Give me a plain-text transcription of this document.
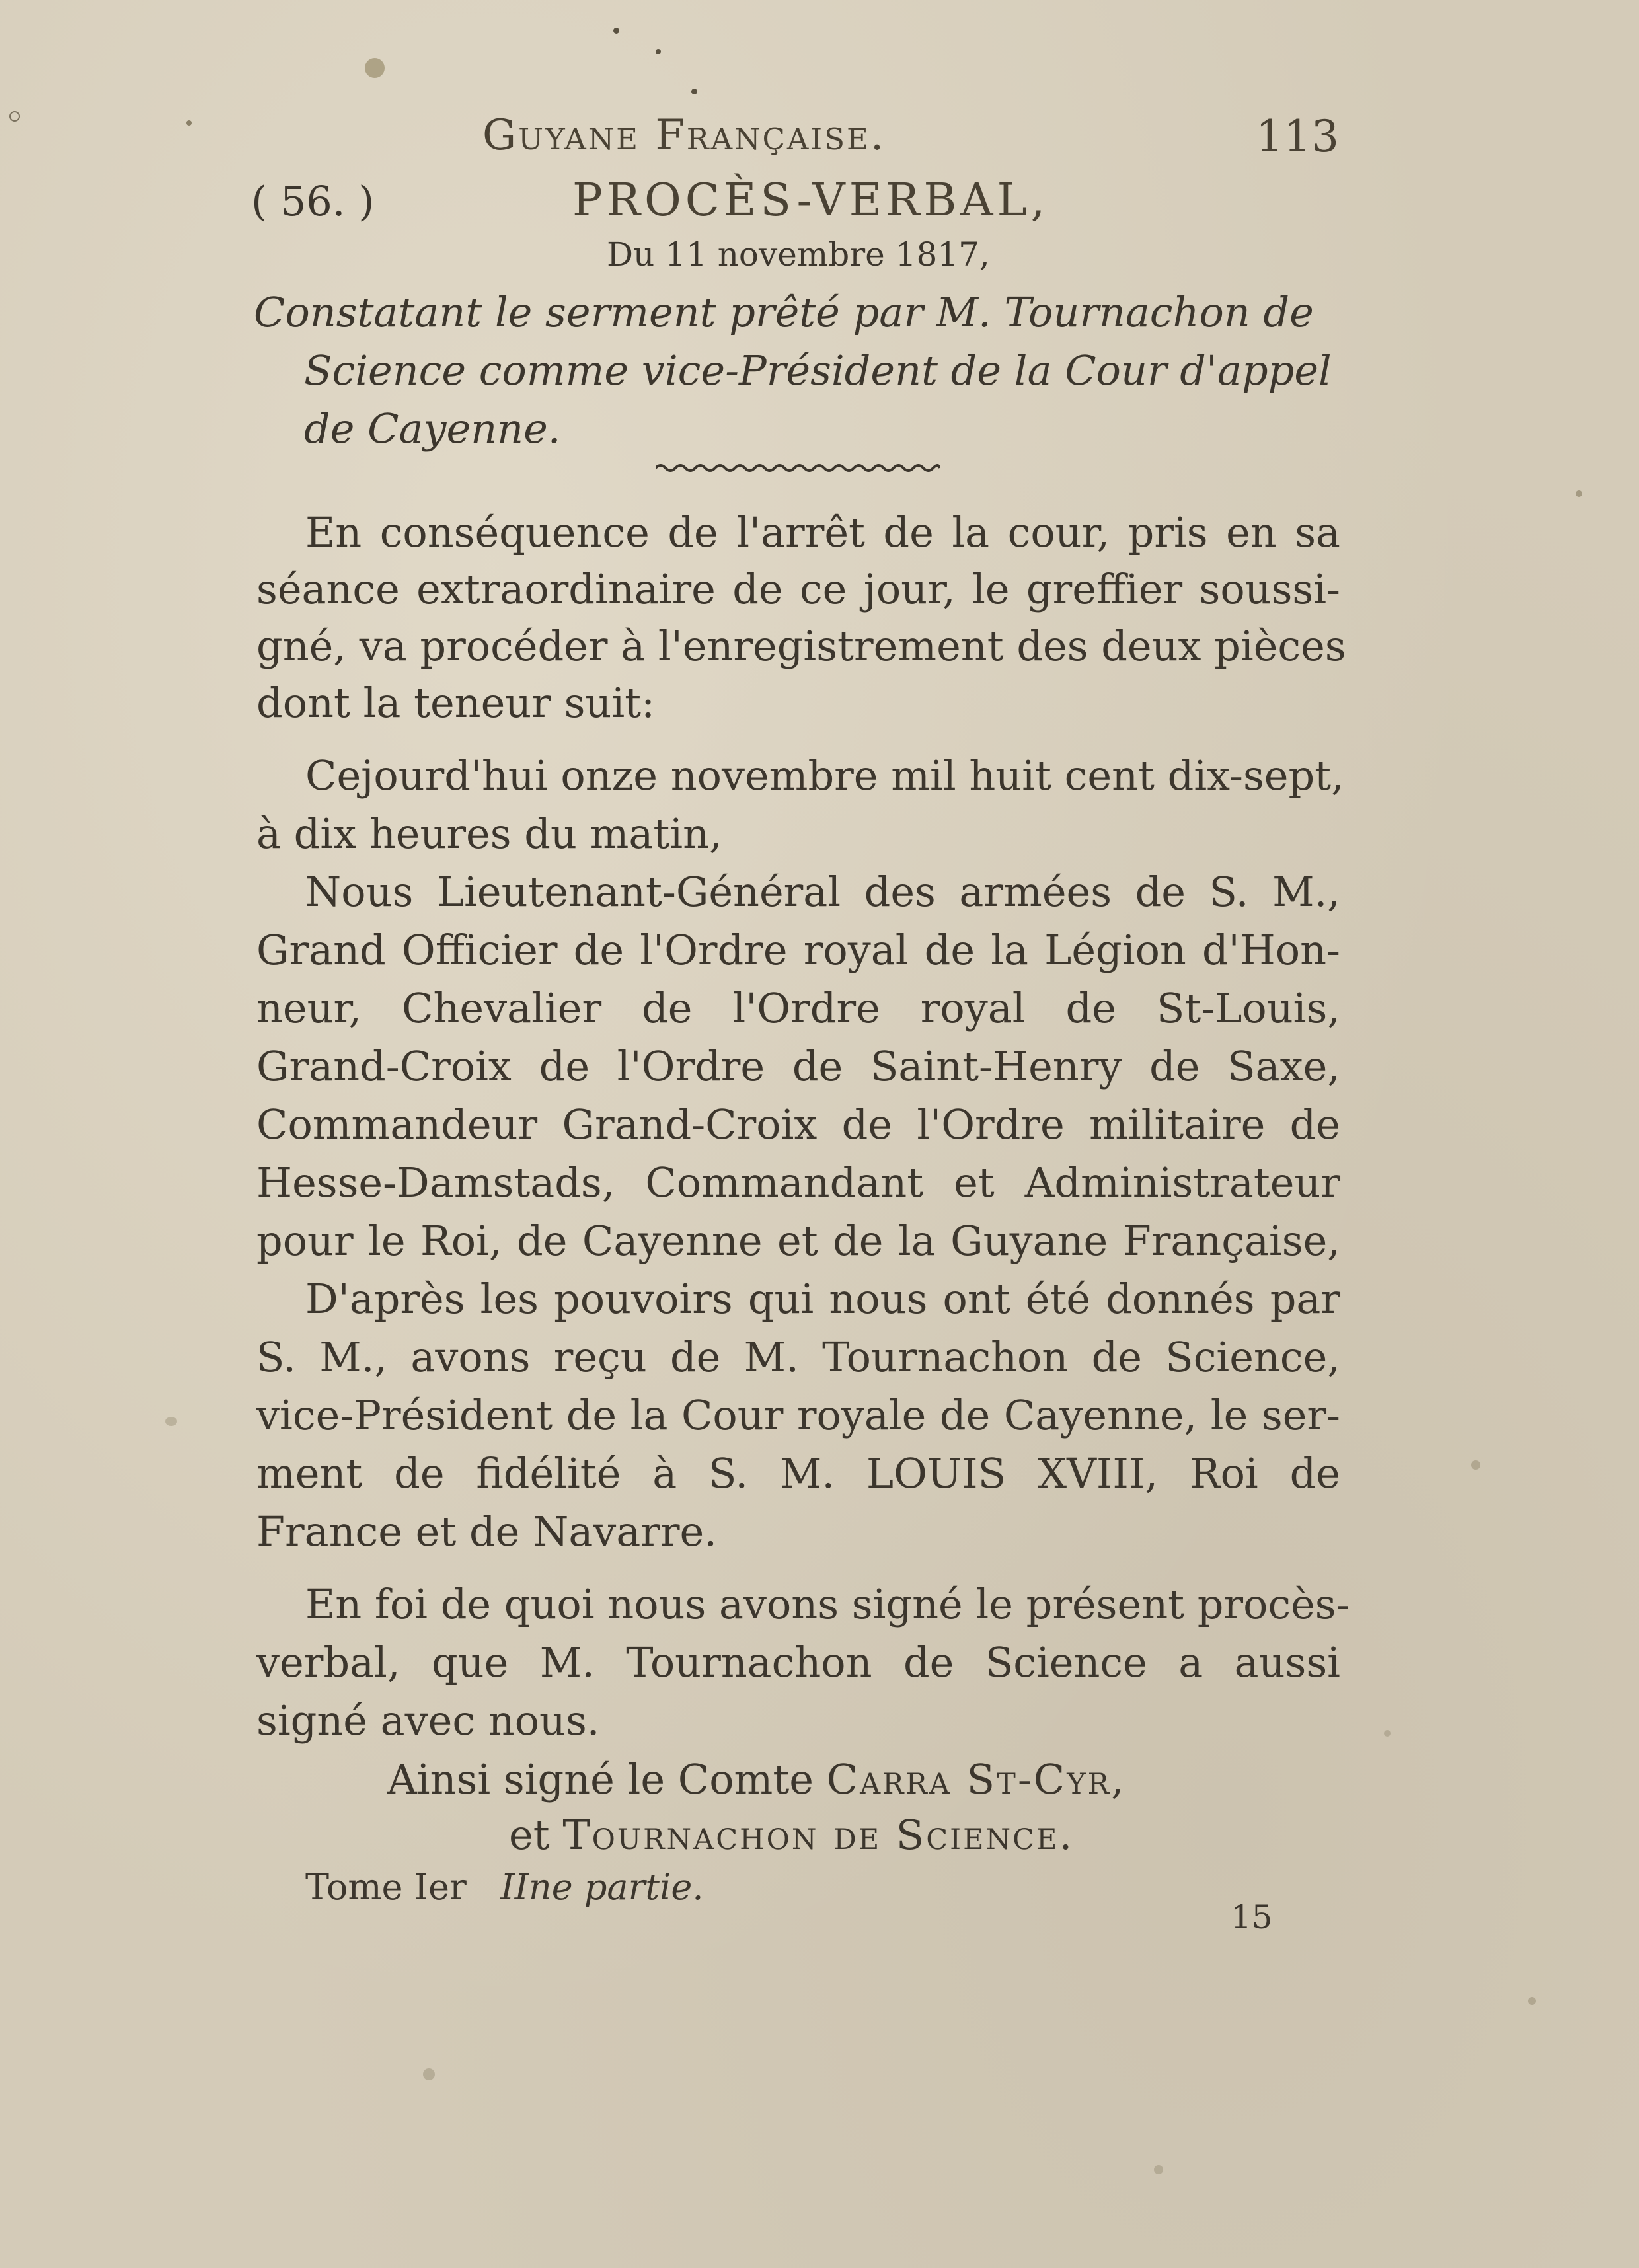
Guyane Française.	113
( 56. )	PROCÈS-VERBAL,
Du 11 novembre 1817,
Constatant le serment prêté par M. Tournachon de
Science comme vice-Président de la Cour d'appel
de Cayenne.
En conséquence de l'arrêt de la cour, pris en sa
séance extraordinaire de ce jour, le greffier soussi-
gné, va procéder à l'enregistrement des deux pièces
dont la teneur suit:
Cejourd'hui onze novembre mil huit cent dix-sept,
à dix heures du matin,
Nous Lieutenant-Général des armées de S. M.,
Grand Officier de l'Ordre royal de la Légion d'Hon-
neur, Chevalier de l'Ordre royal de St-Louis,
Grand-Croix de l'Ordre de Saint-Henry de Saxe,
Commandeur Grand-Croix de l'Ordre militaire de
Hesse-Damstads, Commandant et Administrateur
pour le Roi, de Cayenne et de la Guyane Française,
D'après les pouvoirs qui nous ont été donnés par
S. M., avons reçu de M. Tournachon de Science,
vice-Président de la Cour royale de Cayenne, le ser-
ment de fidélité à S. M. LOUIS XVIII, Roi de
France et de Navarre.
En foi de quoi nous avons signé le présent procès-
verbal, que M. Tournachon de Science a aussi
signé avec nous.
Ainsi signé le Comte Carra St-Cyr,
et Tournachon de Science.
Tome Ier IIne partie.
15
